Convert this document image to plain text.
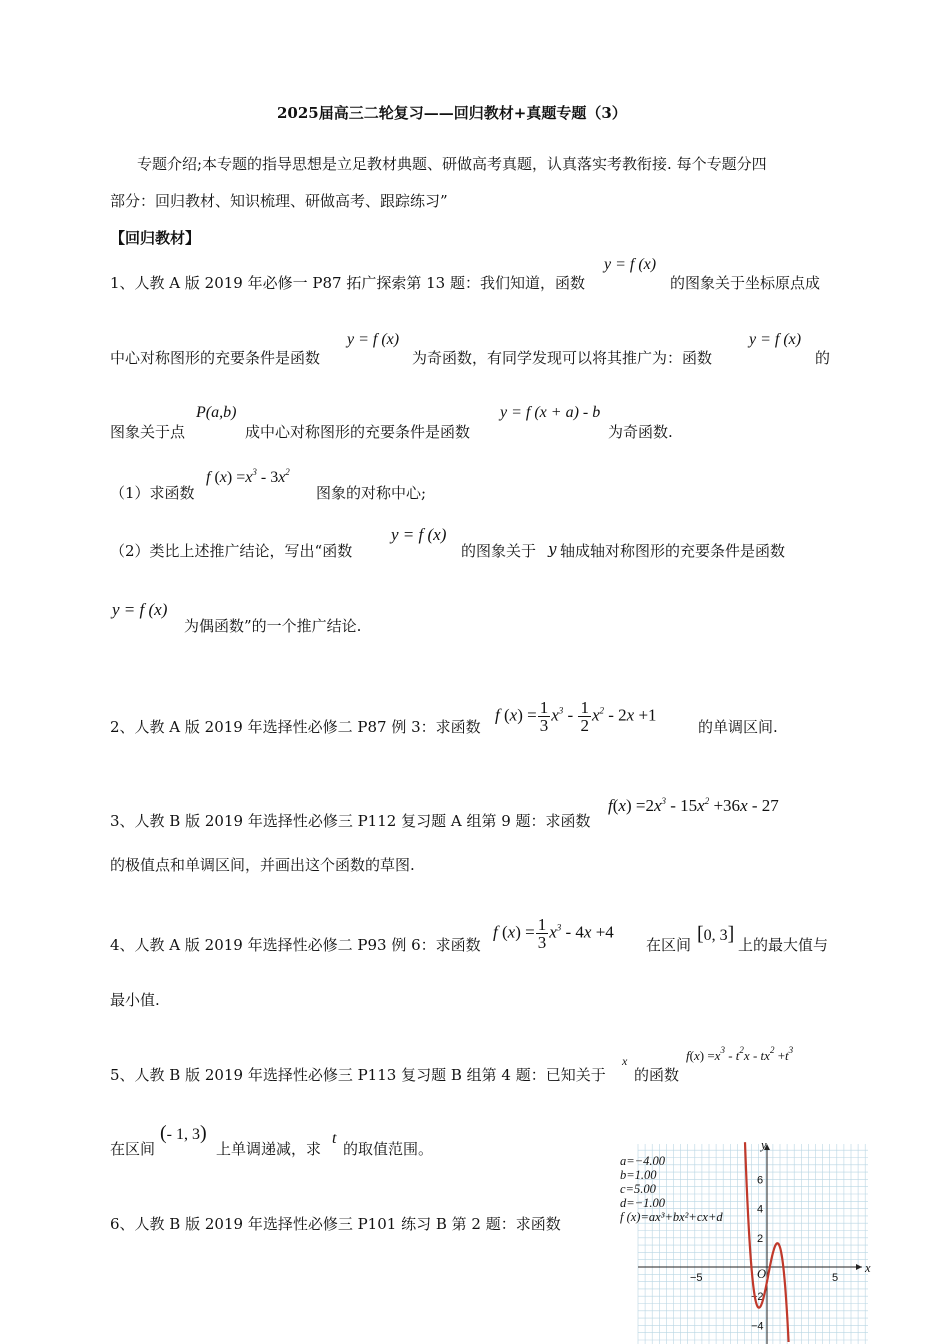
2025届高三二轮复习——回归教材+真题专题（3）
专题介绍;本专题的指导思想是立足教材典题、研做高考真题，认真落实考教衔接. 每个专题分四
部分：回归教材、知识梳理、研做高考、跟踪练习”
【回归教材】
1、人教 A 版 2019 年必修一 P87 拓广探索第 13 题：我们知道，函数
y = f (x)
的图象关于坐标原点成
中心对称图形的充要条件是函数
y = f (x)
为奇函数，有同学发现可以将其推广为：函数
y = f (x)
的
图象关于点
P(a,b)
成中心对称图形的充要条件是函数
y = f (x + a) - b
为奇函数.
（1）求函数
f $(x) =x^3 - 3x^2$
图象的对称中心;
（2）类比上述推广结论，写出“函数
y = f (x)
的图象关于 y 轴成轴对称图形的充要条件是函数
y = f (x)
为偶函数”的一个推广结论.
2、人教 A 版 2019 年选择性必修二 P87 例 3：求函数
f $(x) = \frac{1}{3} x^3 - \frac{1}{2} x^2 - 2x +1$
的单调区间.
3、人教 B 版 2019 年选择性必修三 P112 复习题 A 组第 9 题：求函数
$f(x) =2x^3 - 15x^2 +36x - 27$
的极值点和单调区间，并画出这个函数的草图.
4、人教 A 版 2019 年选择性必修二 P93 例 6：求函数
f $(x) = \frac{1}{3} x^3 - 4x +4$
在区间 [0, 3] 上的最大值与
最小值.
5、人教 B 版 2019 年选择性必修三 P113 复习题 B 组第 4 题：已知关于
x
的函数
$f(x) =x^3 - t^2x - tx^2 +t^3$
在区间
(- 1, 3)
上单调递减，求
t
的取值范围。
6、人教 B 版 2019 年选择性必修三 P101 练习 B 第 2 题：求函数
−5	5
6
4
2
−2
−4
x
y
O
a=−4.00
b=1.00
c=5.00
d=−1.00
f (x)=ax³+bx²+cx+d
